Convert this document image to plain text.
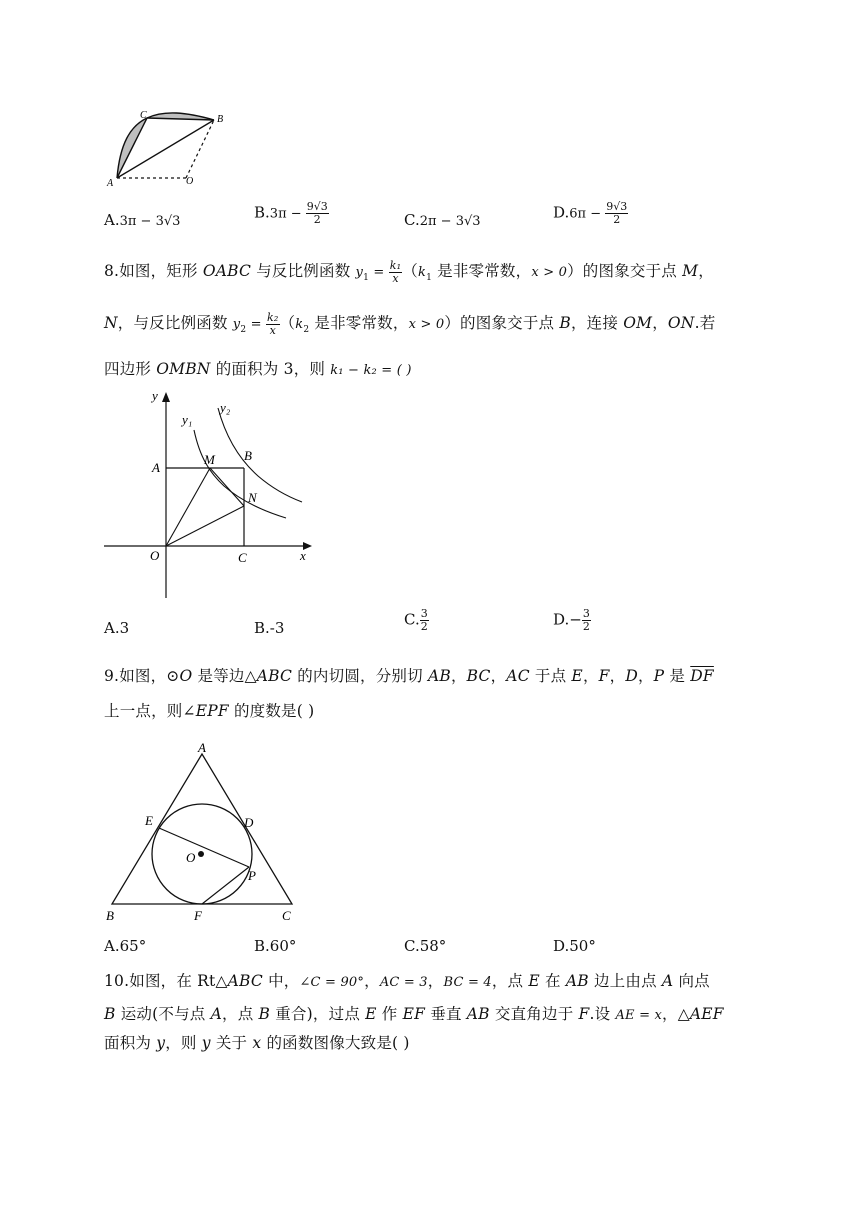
C	B
A	O
A.3π − 3√3	$B.3\pi - \frac{9√3}{2}$	C.2π − 3√3	$D.6\pi - \frac{9√3}{2}$
8.如图，矩形 OABC 与反比例函数 $y_1 = \frac{\text{k₁}}{x} (k_1$ 是非零常数，x > 0）的图象交于点 M，
N，与反比例函数 $y_2 = \frac{\text{k₂}}{x} (k_2$ 是非零常数，x > 0）的图象交于点 B，连接 OM，ON.若
四边形 OMBN 的面积为 3，则 k₁ − k₂ = ( )
y
y₁
y₂
A
M B
N
O	C	x
A.3	B.-3	C. $\frac{3}{2}$	$D.- \frac{3}{2}$
9.如图，⊙O 是等边△ABC 的内切圆，分别切 AB，BC，AC 于点 E，F，D，P 是 $\overline{DF}$
上一点，则∠EPF 的度数是( )
A
E	D
O
P
B	F	C
A.65°	B.60°	C.58°	D.50°
10.如图，在 Rt△ABC 中，∠C = 90°，AC = 3，BC = 4，点 E 在 AB 边上由点 A 向点
B 运动(不与点 A，点 B 重合)，过点 E 作 EF 垂直 AB 交直角边于 F.设 AE = x，△AEF
面积为 y，则 y 关于 x 的函数图像大致是( )
